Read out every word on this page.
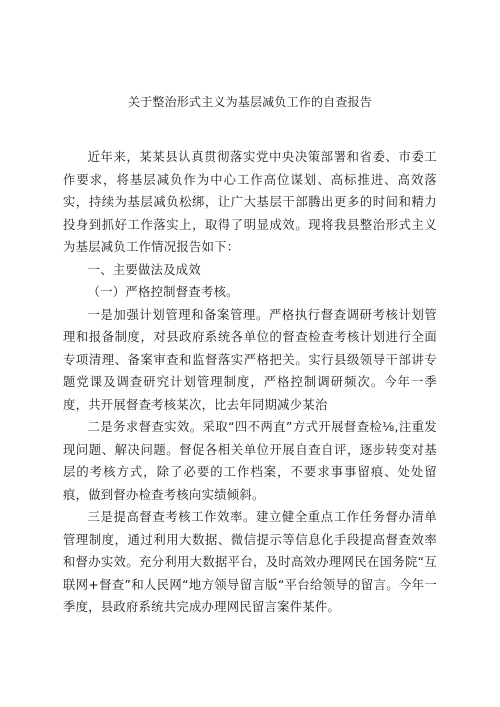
关于整治形式主义为基层减负工作的自查报告

近年来，某某县认真贯彻落实党中央决策部署和省委、市委工作要求，将基层减负作为中心工作高位谋划、高标推进、高效落实，持续为基层减负松绑，让广大基层干部腾出更多的时间和精力投身到抓好工作落实上，取得了明显成效。现将我县整治形式主义为基层减负工作情况报告如下：

一、主要做法及成效

（一）严格控制督查考核。

一是加强计划管理和备案管理。严格执行督查调研考核计划管理和报备制度，对县政府系统各单位的督查检查考核计划进行全面专项清理、备案审查和监督落实严格把关。实行县级领导干部讲专题党课及调查研究计划管理制度，严格控制调研频次。今年一季度，共开展督查考核某次，比去年同期减少某治

二是务求督查实效。采取“四不两直”方式开展督查检⅛,注重发现问题、解决问题。督促各相关单位开展自查自评，逐步转变对基层的考核方式，除了必要的工作档案，不要求事事留痕、处处留痕，做到督办检查考核向实绩倾斜。

三是提高督查考核工作效率。建立健全重点工作任务督办清单管理制度，通过利用大数据、微信提示等信息化手段提高督查效率和督办实效。充分利用大数据平台，及时高效办理网民在国务院“互联网+督查”和人民网“地方领导留言版“平台给领导的留言。今年一季度，县政府系统共完成办理网民留言案件某件。
